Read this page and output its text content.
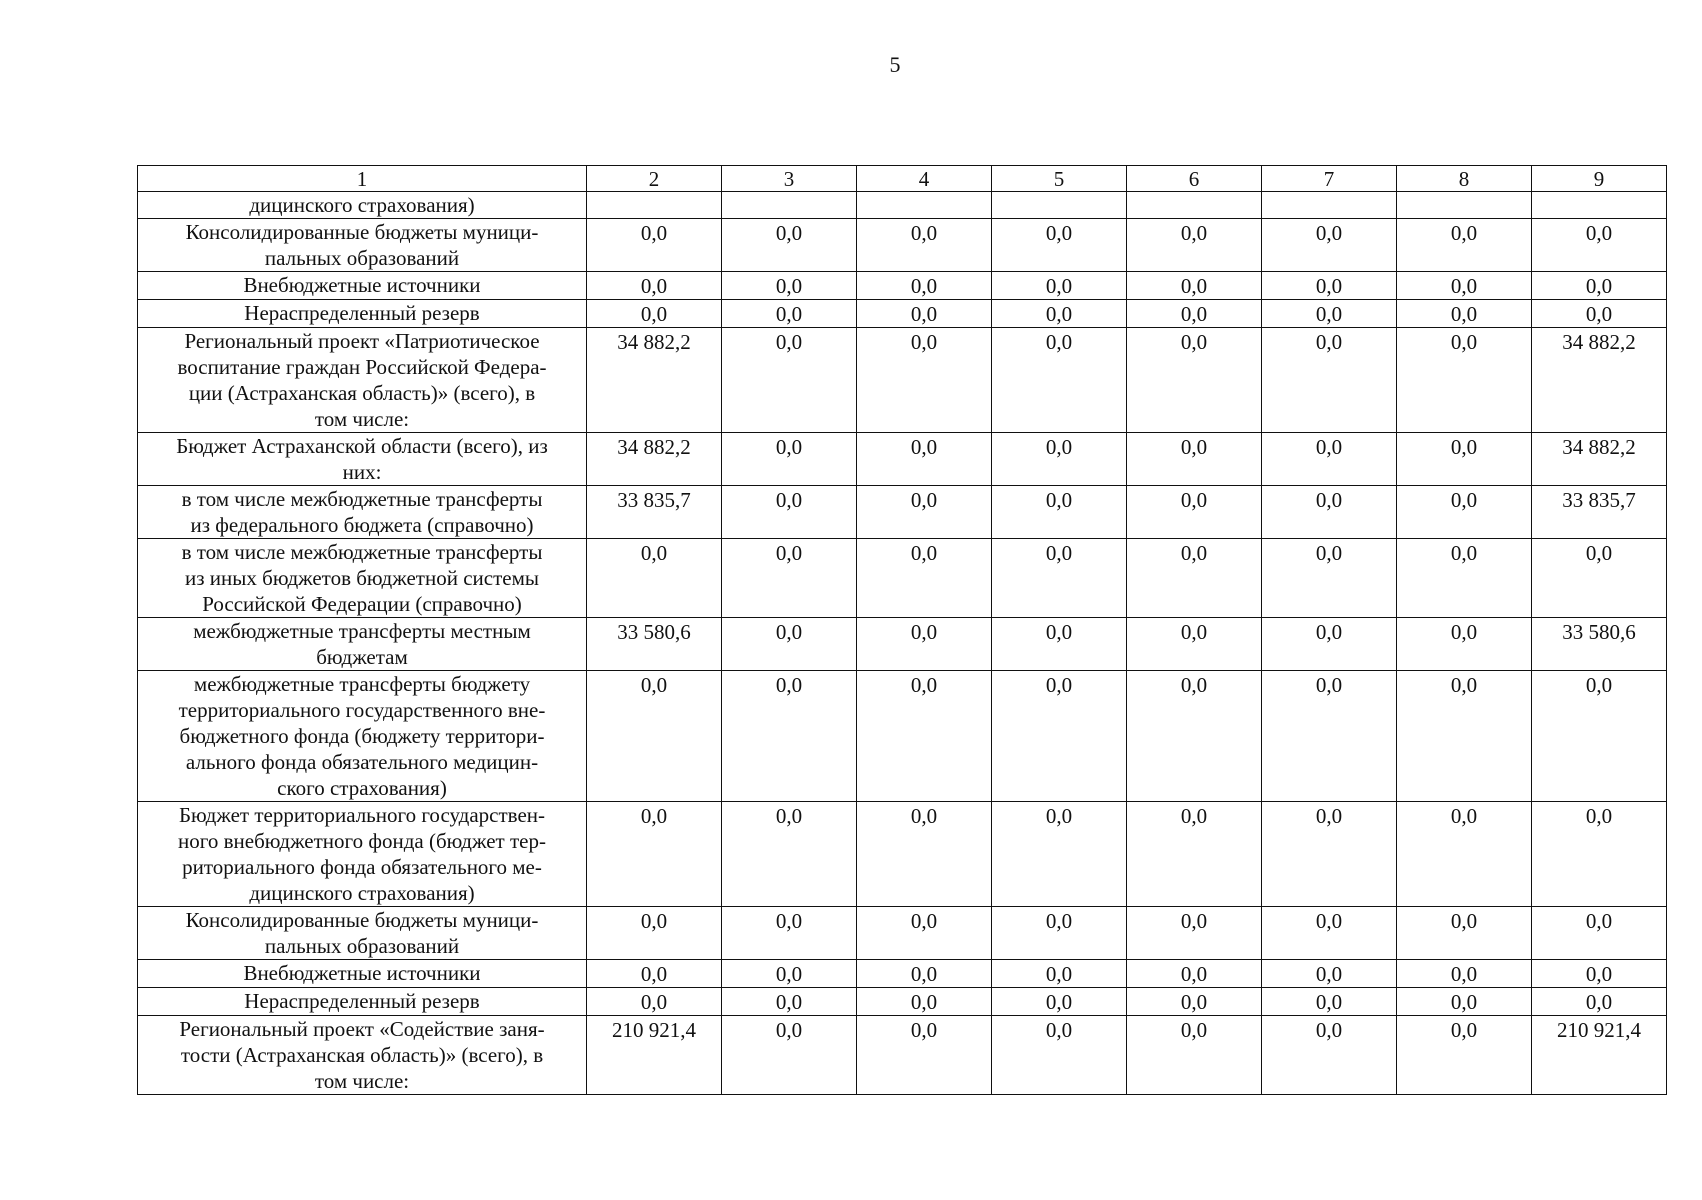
5
1	2	3	4	5	6	7	8	9
дицинского страхования)								
Консолидированные бюджеты муници-
пальных образований	0,0	0,0	0,0	0,0	0,0	0,0	0,0	0,0
Внебюджетные источники	0,0	0,0	0,0	0,0	0,0	0,0	0,0	0,0
Нераспределенный резерв	0,0	0,0	0,0	0,0	0,0	0,0	0,0	0,0
Региональный проект «Патриотическое
воспитание граждан Российской Федера-
ции (Астраханская область)» (всего), в
том числе:	34 882,2	0,0	0,0	0,0	0,0	0,0	0,0	34 882,2
Бюджет Астраханской области (всего), из
них:	34 882,2	0,0	0,0	0,0	0,0	0,0	0,0	34 882,2
в том числе межбюджетные трансферты
из федерального бюджета (справочно)	33 835,7	0,0	0,0	0,0	0,0	0,0	0,0	33 835,7
в том числе межбюджетные трансферты
из иных бюджетов бюджетной системы
Российской Федерации (справочно)	0,0	0,0	0,0	0,0	0,0	0,0	0,0	0,0
межбюджетные трансферты местным
бюджетам	33 580,6	0,0	0,0	0,0	0,0	0,0	0,0	33 580,6
межбюджетные трансферты бюджету
территориального государственного вне-
бюджетного фонда (бюджету территори-
ального фонда обязательного медицин-
ского страхования)	0,0	0,0	0,0	0,0	0,0	0,0	0,0	0,0
Бюджет территориального государствен-
ного внебюджетного фонда (бюджет тер-
риториального фонда обязательного ме-
дицинского страхования)	0,0	0,0	0,0	0,0	0,0	0,0	0,0	0,0
Консолидированные бюджеты муници-
пальных образований	0,0	0,0	0,0	0,0	0,0	0,0	0,0	0,0
Внебюджетные источники	0,0	0,0	0,0	0,0	0,0	0,0	0,0	0,0
Нераспределенный резерв	0,0	0,0	0,0	0,0	0,0	0,0	0,0	0,0
Региональный проект «Содействие заня-
тости (Астраханская область)» (всего), в
том числе:	210 921,4	0,0	0,0	0,0	0,0	0,0	0,0	210 921,4
